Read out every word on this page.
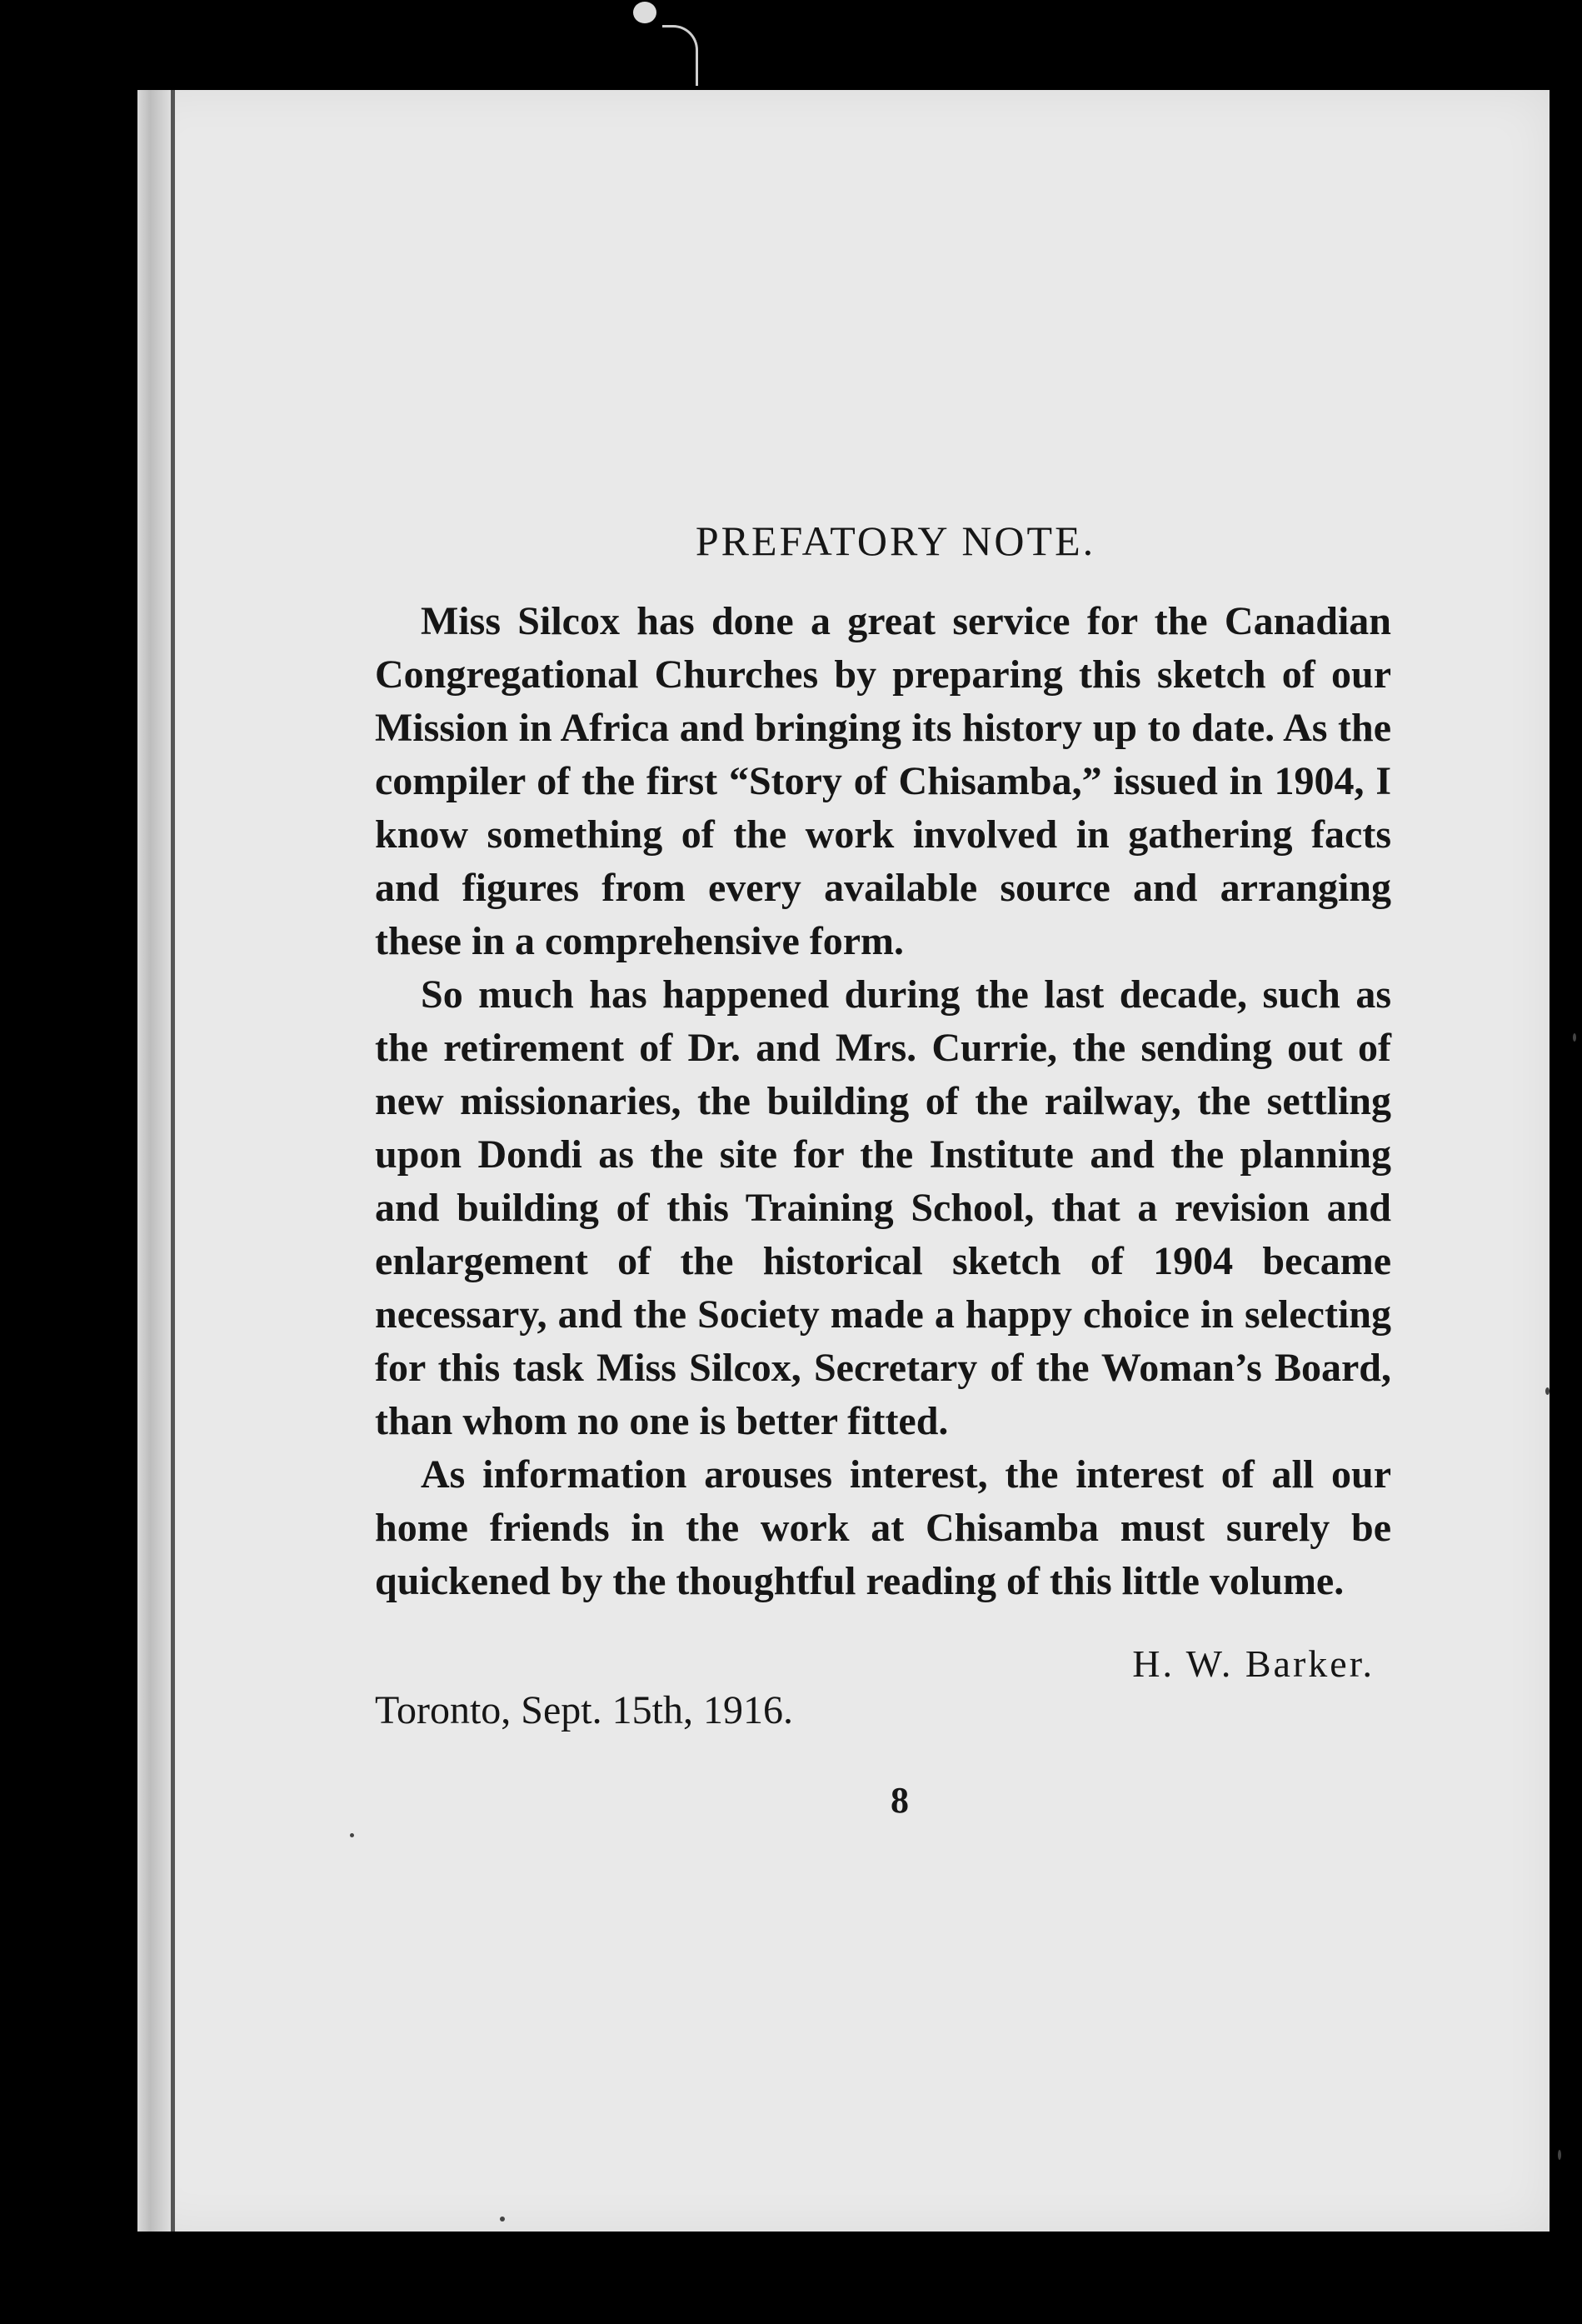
PREFATORY NOTE.

Miss Silcox has done a great service for the Canadian Congregational Churches by preparing this sketch of our Mission in Africa and bringing its history up to date. As the compiler of the first “Story of Chisamba,” issued in 1904, I know something of the work involved in gathering facts and figures from every available source and arranging these in a comprehensive form.

So much has happened during the last decade, such as the retirement of Dr. and Mrs. Currie, the sending out of new missionaries, the building of the railway, the settling upon Dondi as the site for the Institute and the planning and building of this Training School, that a revision and enlargement of the historical sketch of 1904 became necessary, and the Society made a happy choice in selecting for this task Miss Silcox, Secretary of the Woman’s Board, than whom no one is better fitted.

As information arouses interest, the interest of all our home friends in the work at Chisamba must surely be quickened by the thoughtful reading of this little volume.

H. W. Barker.

Toronto, Sept. 15th, 1916.

8
